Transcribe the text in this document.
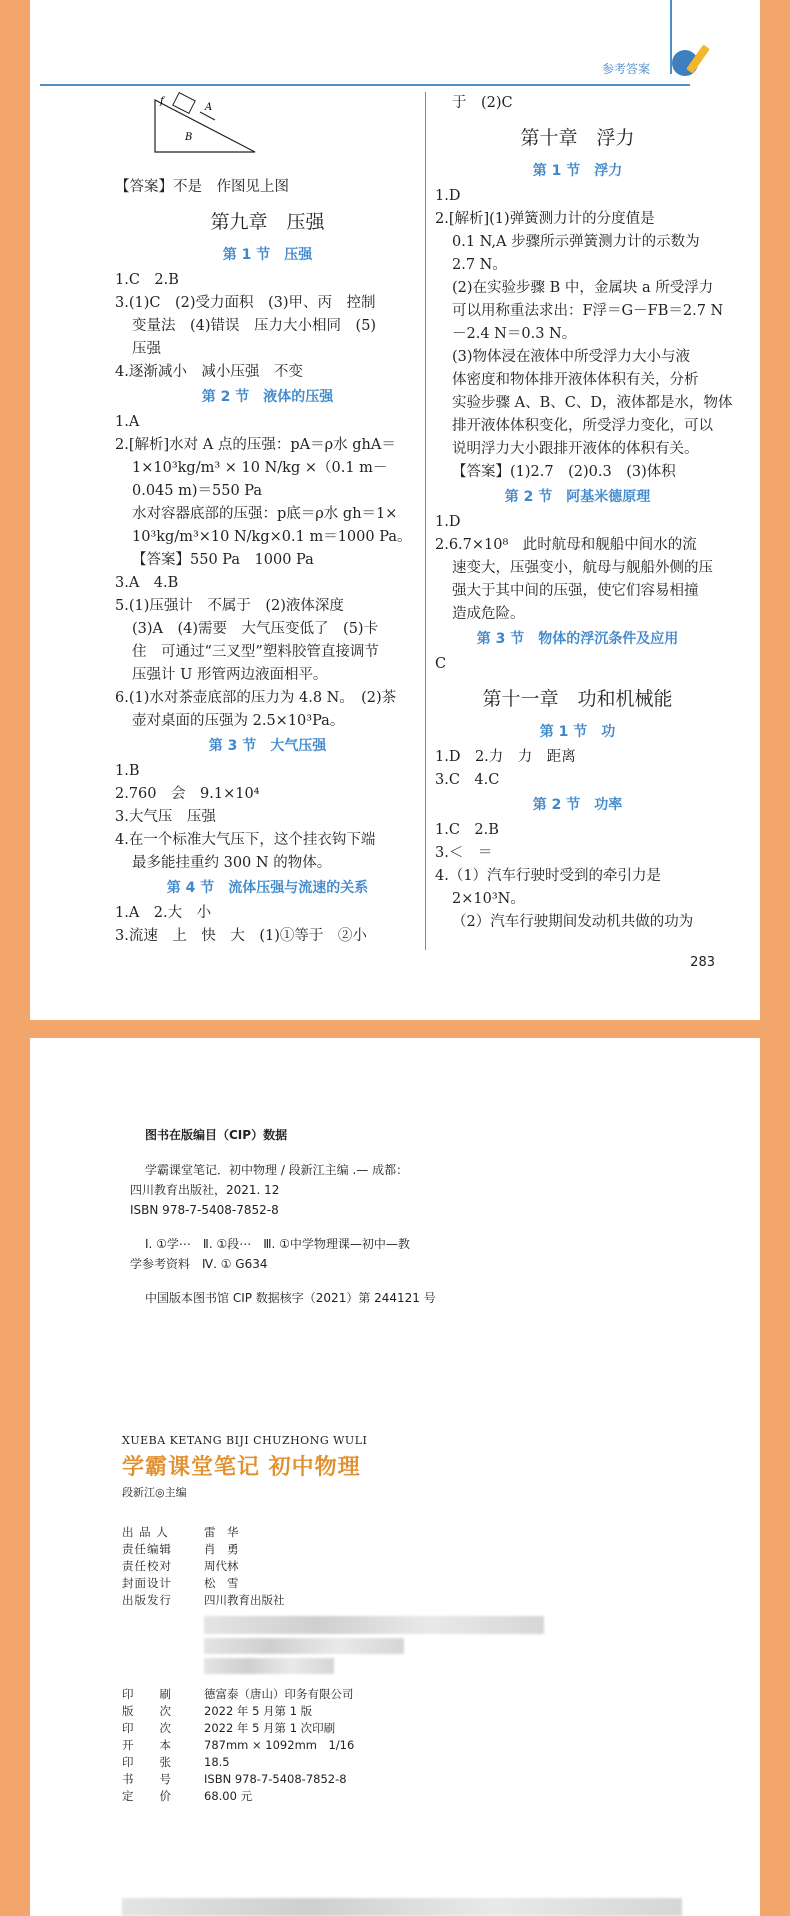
参考答案
f
A
B
【答案】不是　作图见上图
第九章　压强
第 1 节　压强
1.C　2.B
3.(1)C　(2)受力面积　(3)甲、丙　控制
变量法　(4)错误　压力大小相同　(5)
压强
4.逐渐减小　减小压强　不变
第 2 节　液体的压强
1.A
2.[解析]水对 A 点的压强：pA＝ρ水 ghA＝
1×10³kg/m³ × 10 N/kg ×（0.1 m－
0.045 m)＝550 Pa
水对容器底部的压强：p底＝ρ水 gh＝1×
10³kg/m³×10 N/kg×0.1 m＝1000 Pa。
【答案】550 Pa　1000 Pa
3.A　4.B
5.(1)压强计　不属于　(2)液体深度
(3)A　(4)需要　大气压变低了　(5)卡
住　可通过“三叉型”塑料胶管直接调节
压强计 U 形管两边液面相平。
6.(1)水对茶壶底部的压力为 4.8 N。　(2)茶
壶对桌面的压强为 2.5×10³Pa。
第 3 节　大气压强
1.B
2.760　会　9.1×10⁴
3.大气压　压强
4.在一个标准大气压下，这个挂衣钩下端
最多能挂重约 300 N 的物体。
第 4 节　流体压强与流速的关系
1.A　2.大　小
3.流速　上　快　大　(1)①等于　②小
于　(2)C
第十章　浮力
第 1 节　浮力
1.D
2.[解析](1)弹簧测力计的分度值是
0.1 N,A 步骤所示弹簧测力计的示数为
2.7 N。
(2)在实验步骤 B 中，金属块 a 所受浮力
可以用称重法求出：F浮＝G－FB＝2.7 N
－2.4 N＝0.3 N。
(3)物体浸在液体中所受浮力大小与液
体密度和物体排开液体体积有关，分析
实验步骤 A、B、C、D，液体都是水，物体
排开液体体积变化，所受浮力变化，可以
说明浮力大小跟排开液体的体积有关。
【答案】(1)2.7　(2)0.3　(3)体积
第 2 节　阿基米德原理
1.D
2.6.7×10⁸　此时航母和舰船中间水的流
速变大，压强变小，航母与舰船外侧的压
强大于其中间的压强，使它们容易相撞
造成危险。
第 3 节　物体的浮沉条件及应用
C
第十一章　功和机械能
第 1 节　功
1.D　2.力　力　距离
3.C　4.C
第 2 节　功率
1.C　2.B
3.＜　＝
4.（1）汽车行驶时受到的牵引力是
2×10³N。
（2）汽车行驶期间发动机共做的功为
283
图书在版编目（CIP）数据
学霸课堂笔记．初中物理 / 段新江主编 .— 成都：
四川教育出版社，2021. 12
ISBN 978-7-5408-7852-8
Ⅰ. ①学⋯　Ⅱ. ①段⋯　Ⅲ. ①中学物理课—初中—教
学参考资料　Ⅳ. ① G634
中国版本图书馆 CIP 数据核字（2021）第 244121 号
XUEBA KETANG BIJI CHUZHONG WULI
学霸课堂笔记 初中物理
段新江◎主编
出 品 人	雷　华
责任编辑	肖　勇
责任校对	周代林
封面设计	松　雪
出版发行	四川教育出版社
印　　刷	德富泰（唐山）印务有限公司
版　　次	2022 年 5 月第 1 版
印　　次	2022 年 5 月第 1 次印刷
开　　本	787mm × 1092mm　1/16
印　　张	18.5
书　　号	ISBN 978-7-5408-7852-8
定　　价	68.00 元
